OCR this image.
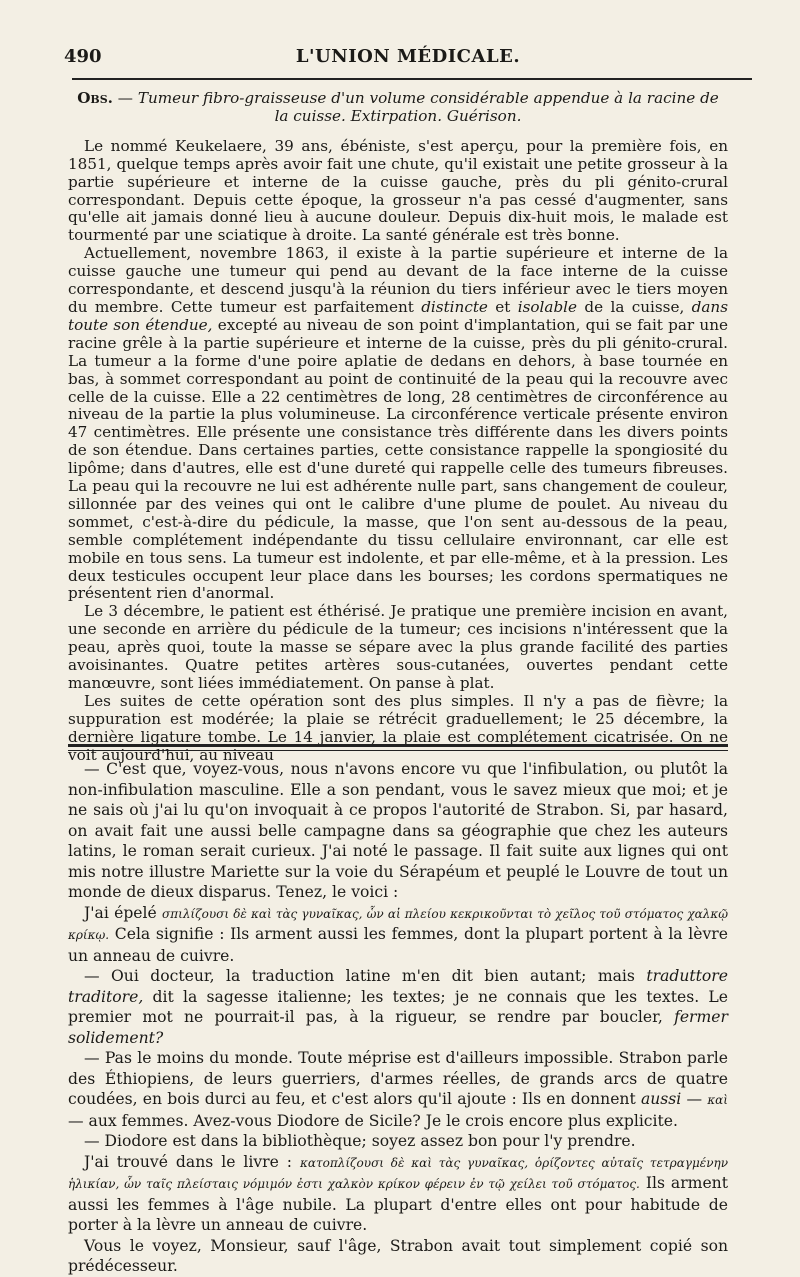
490	L'UNION MÉDICALE.

Obs. — Tumeur fibro-graisseuse d'un volume considérable appendue à la racine de la cuisse. Extirpation. Guérison.

Le nommé Keukelaere, 39 ans, ébéniste, s'est aperçu, pour la première fois, en 1851, quelque temps après avoir fait une chute, qu'il existait une petite grosseur à la partie supérieure et interne de la cuisse gauche, près du pli génito-crural correspondant. Depuis cette époque, la grosseur n'a pas cessé d'augmenter, sans qu'elle ait jamais donné lieu à aucune douleur. Depuis dix-huit mois, le malade est tourmenté par une sciatique à droite. La santé générale est très bonne.

Actuellement, novembre 1863, il existe à la partie supérieure et interne de la cuisse gauche une tumeur qui pend au devant de la face interne de la cuisse correspondante, et descend jusqu'à la réunion du tiers inférieur avec le tiers moyen du membre. Cette tumeur est parfaitement distincte et isolable de la cuisse, dans toute son étendue, excepté au niveau de son point d'implantation, qui se fait par une racine grêle à la partie supérieure et interne de la cuisse, près du pli génito-crural. La tumeur a la forme d'une poire aplatie de dedans en dehors, à base tournée en bas, à sommet correspondant au point de continuité de la peau qui la recouvre avec celle de la cuisse. Elle a 22 centimètres de long, 28 centimètres de circonférence au niveau de la partie la plus volumineuse. La circonférence verticale présente environ 47 centimètres. Elle présente une consistance très différente dans les divers points de son étendue. Dans certaines parties, cette consistance rappelle la spongiosité du lipôme; dans d'autres, elle est d'une dureté qui rappelle celle des tumeurs fibreuses. La peau qui la recouvre ne lui est adhérente nulle part, sans changement de couleur, sillonnée par des veines qui ont le calibre d'une plume de poulet. Au niveau du sommet, c'est-à-dire du pédicule, la masse, que l'on sent au-dessous de la peau, semble complétement indépendante du tissu cellulaire environnant, car elle est mobile en tous sens. La tumeur est indolente, et par elle-même, et à la pression. Les deux testicules occupent leur place dans les bourses; les cordons spermatiques ne présentent rien d'anormal.

Le 3 décembre, le patient est éthérisé. Je pratique une première incision en avant, une seconde en arrière du pédicule de la tumeur; ces incisions n'intéressent que la peau, après quoi, toute la masse se sépare avec la plus grande facilité des parties avoisinantes. Quatre petites artères sous-cutanées, ouvertes pendant cette manœuvre, sont liées immédiatement. On panse à plat.

Les suites de cette opération sont des plus simples. Il n'y a pas de fièvre; la suppuration est modérée; la plaie se rétrécit graduellement; le 25 décembre, la dernière ligature tombe. Le 14 janvier, la plaie est complétement cicatrisée. On ne voit aujourd'hui, au niveau

— C'est que, voyez-vous, nous n'avons encore vu que l'infibulation, ou plutôt la non-infibulation masculine. Elle a son pendant, vous le savez mieux que moi; et je ne sais où j'ai lu qu'on invoquait à ce propos l'autorité de Strabon. Si, par hasard, on avait fait une aussi belle campagne dans sa géographie que chez les auteurs latins, le roman serait curieux. J'ai noté le passage. Il fait suite aux lignes qui ont mis notre illustre Mariette sur la voie du Sérapéum et peuplé le Louvre de tout un monde de dieux disparus. Tenez, le voici :

J'ai épelé σπιλίζουσι δὲ καὶ τὰς γυναῖκας, ὧν αἱ πλείου κεκρικοῦνται τὸ χεῖλος τοῦ στόματος χαλκῷ κρίκῳ. Cela signifie : Ils arment aussi les femmes, dont la plupart portent à la lèvre un anneau de cuivre.

— Oui docteur, la traduction latine m'en dit bien autant; mais traduttore traditore, dit la sagesse italienne; les textes; je ne connais que les textes. Le premier mot ne pourrait-il pas, à la rigueur, se rendre par boucler, fermer solidement?

— Pas le moins du monde. Toute méprise est d'ailleurs impossible. Strabon parle des Éthiopiens, de leurs guerriers, d'armes réelles, de grands arcs de quatre coudées, en bois durci au feu, et c'est alors qu'il ajoute : Ils en donnent aussi — καὶ — aux femmes. Avez-vous Diodore de Sicile? Je le crois encore plus explicite.

— Diodore est dans la bibliothèque; soyez assez bon pour l'y prendre.

J'ai trouvé dans le livre : κατοπλίζουσι δὲ καὶ τὰς γυναῖκας, ὁρίζοντες αὐταῖς τετραγμένην ἡλικίαν, ὧν ταῖς πλείσταις νόμιμόν ἐστι χαλκὸν κρίκον φέρειν ἐν τῷ χείλει τοῦ στόματος. Ils arment aussi les femmes à l'âge nubile. La plupart d'entre elles ont pour habitude de porter à la lèvre un anneau de cuivre.

Vous le voyez, Monsieur, sauf l'âge, Strabon avait tout simplement copié son prédécesseur.
